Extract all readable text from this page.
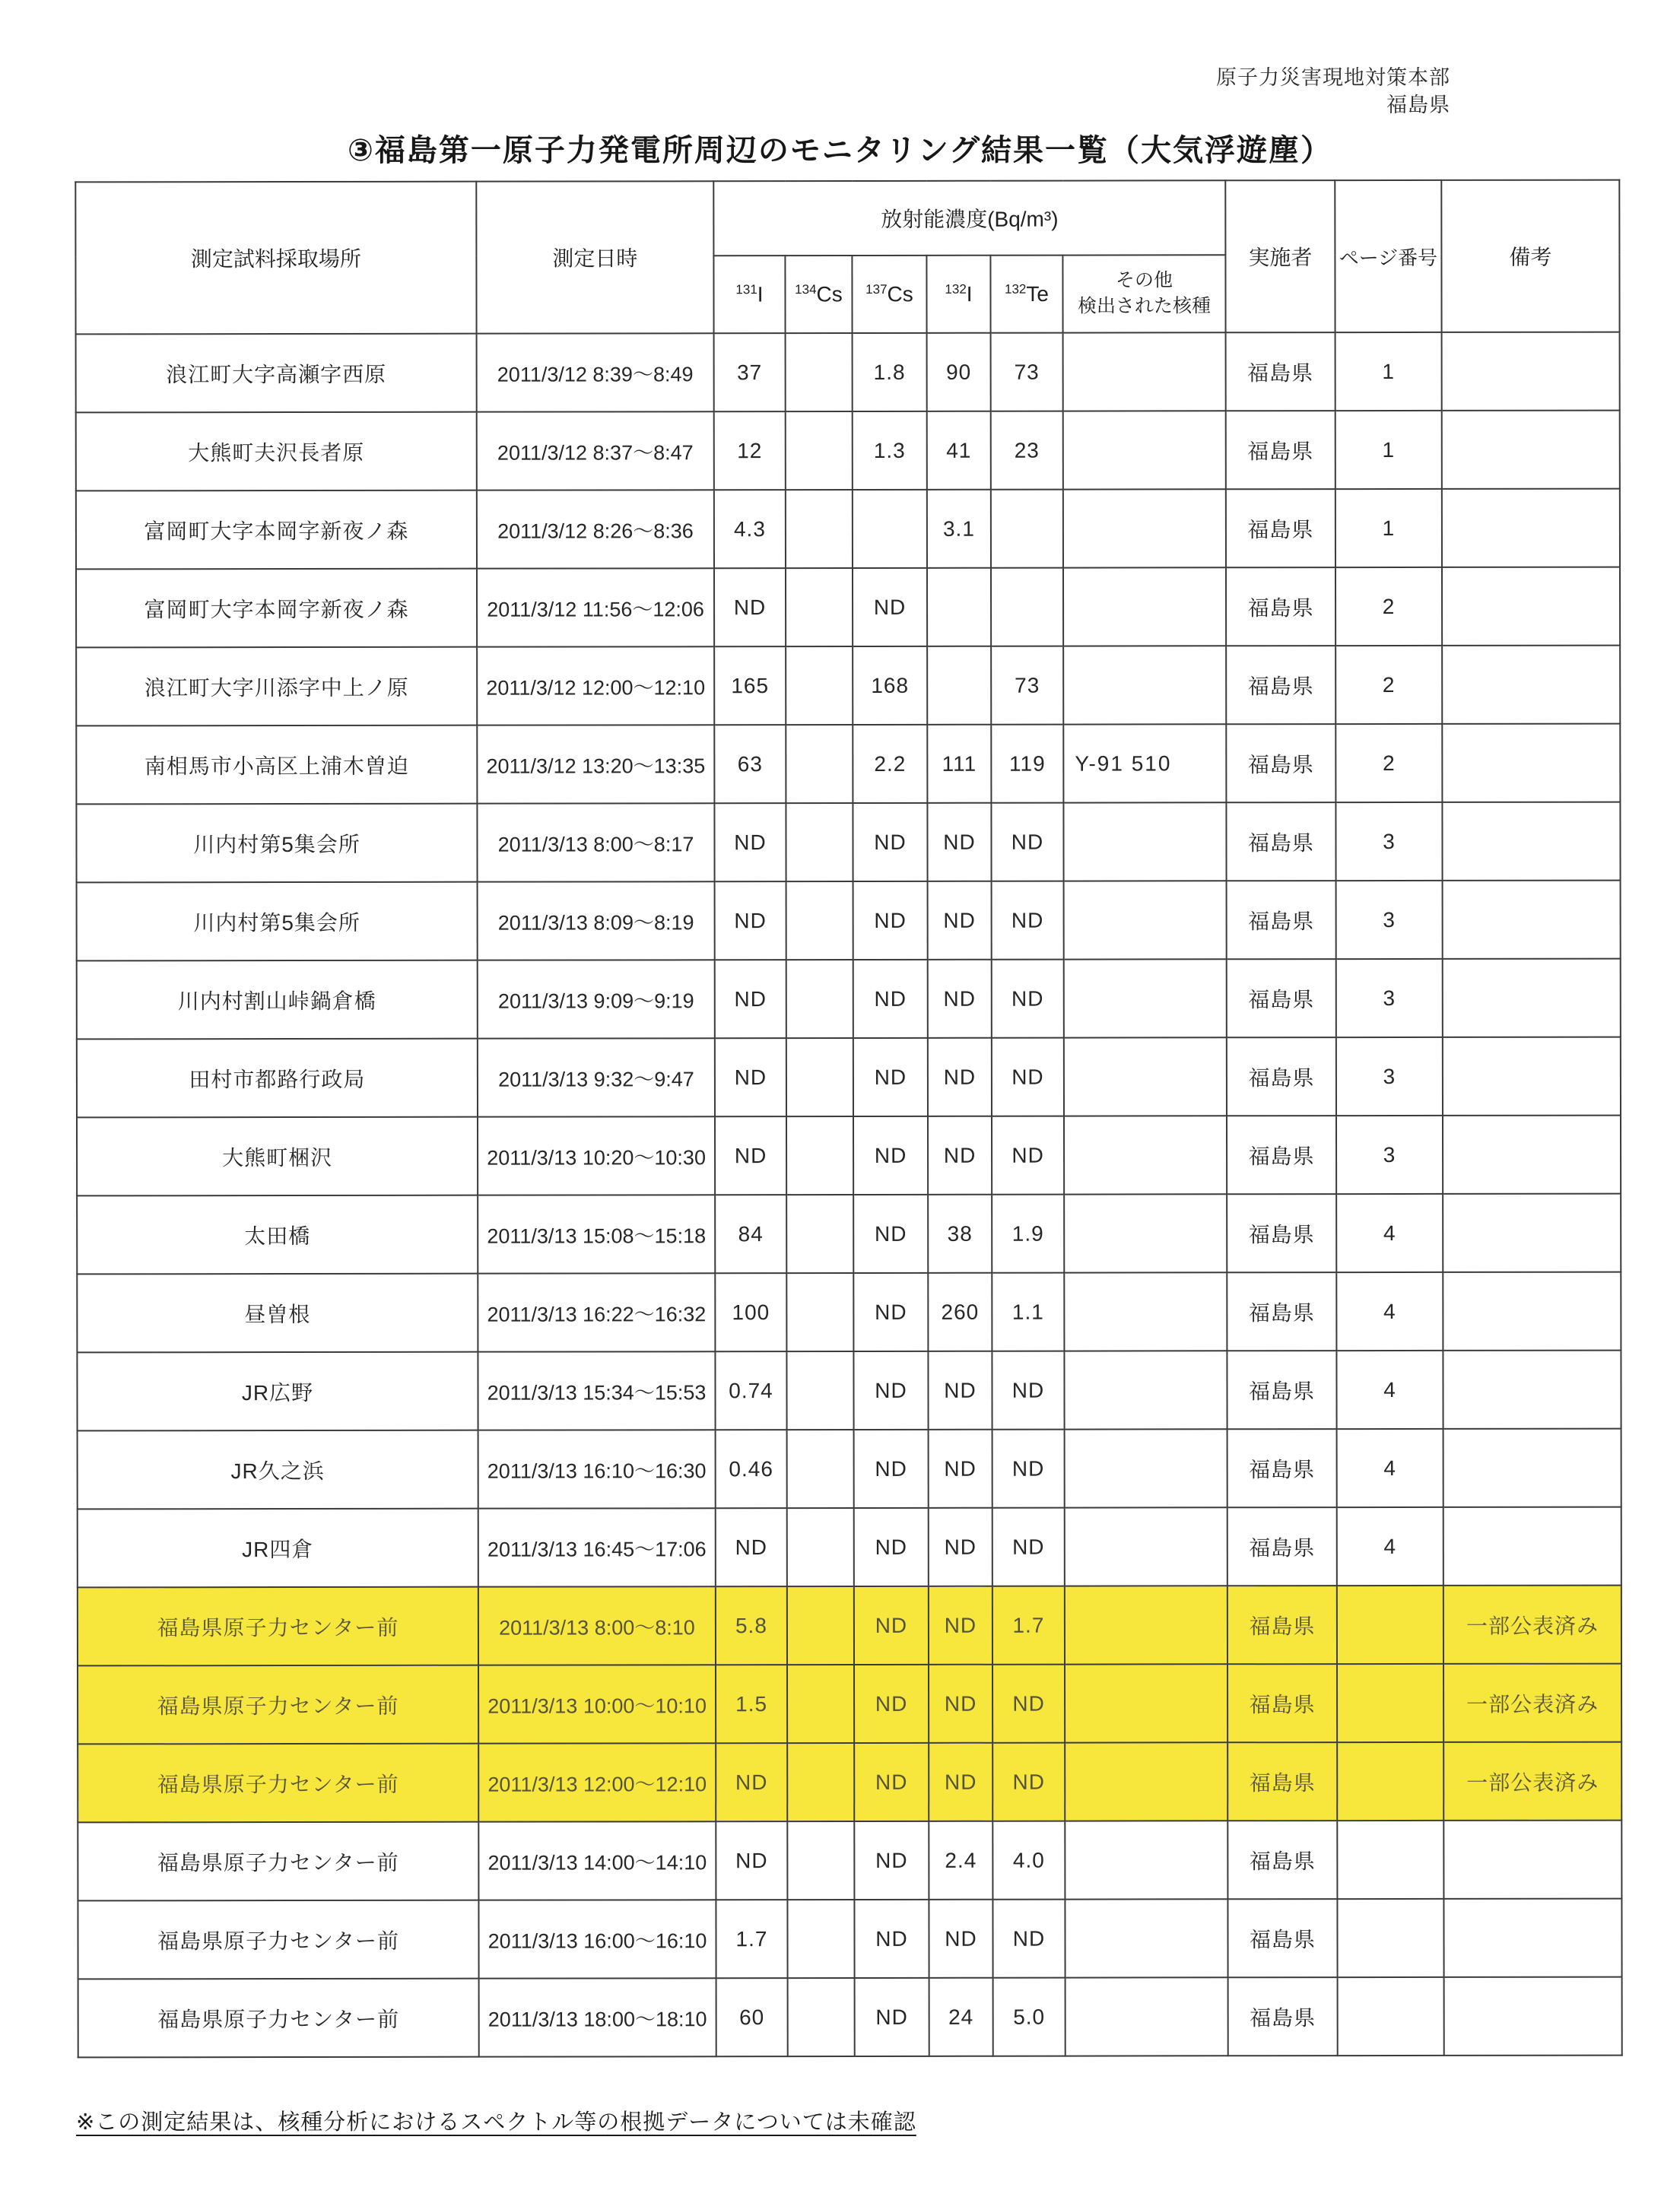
原子力災害現地対策本部
福島県
③福島第一原子力発電所周辺のモニタリング結果一覧（大気浮遊塵）
測定試料採取場所	測定日時	放射能濃度(Bq/m³)						実施者	ページ番号	備考
		$^{131}$I	$^{134}$Cs	$^{137}$Cs	$^{132}$I	$^{132}$Te	その他
検出された核種			
浪江町大字高瀬字西原	2011/3/12 8:39～8:49	37		1.8	90	73		福島県	1	
大熊町夫沢長者原	2011/3/12 8:37～8:47	12		1.3	41	23		福島県	1	
富岡町大字本岡字新夜ノ森	2011/3/12 8:26～8:36	4.3			3.1			福島県	1	
富岡町大字本岡字新夜ノ森	2011/3/12 11:56～12:06	ND		ND				福島県	2	
浪江町大字川添字中上ノ原	2011/3/12 12:00～12:10	165		168		73		福島県	2	
南相馬市小高区上浦木曽迫	2011/3/12 13:20～13:35	63		2.2	111	119	Y-91 510	福島県	2	
川内村第5集会所	2011/3/13 8:00～8:17	ND		ND	ND	ND		福島県	3	
川内村第5集会所	2011/3/13 8:09～8:19	ND		ND	ND	ND		福島県	3	
川内村割山峠鍋倉橋	2011/3/13 9:09～9:19	ND		ND	ND	ND		福島県	3	
田村市都路行政局	2011/3/13 9:32～9:47	ND		ND	ND	ND		福島県	3	
大熊町梱沢	2011/3/13 10:20～10:30	ND		ND	ND	ND		福島県	3	
太田橋	2011/3/13 15:08～15:18	84		ND	38	1.9		福島県	4	
昼曽根	2011/3/13 16:22～16:32	100		ND	260	1.1		福島県	4	
JR広野	2011/3/13 15:34～15:53	0.74		ND	ND	ND		福島県	4	
JR久之浜	2011/3/13 16:10～16:30	0.46		ND	ND	ND		福島県	4	
JR四倉	2011/3/13 16:45～17:06	ND		ND	ND	ND		福島県	4	
福島県原子力センター前	2011/3/13 8:00～8:10	5.8		ND	ND	1.7		福島県		一部公表済み
福島県原子力センター前	2011/3/13 10:00～10:10	1.5		ND	ND	ND		福島県		一部公表済み
福島県原子力センター前	2011/3/13 12:00～12:10	ND		ND	ND	ND		福島県		一部公表済み
福島県原子力センター前	2011/3/13 14:00～14:10	ND		ND	2.4	4.0		福島県		
福島県原子力センター前	2011/3/13 16:00～16:10	1.7		ND	ND	ND		福島県		
福島県原子力センター前	2011/3/13 18:00～18:10	60		ND	24	5.0		福島県		
※この測定結果は、核種分析におけるスペクトル等の根拠データについては未確認
